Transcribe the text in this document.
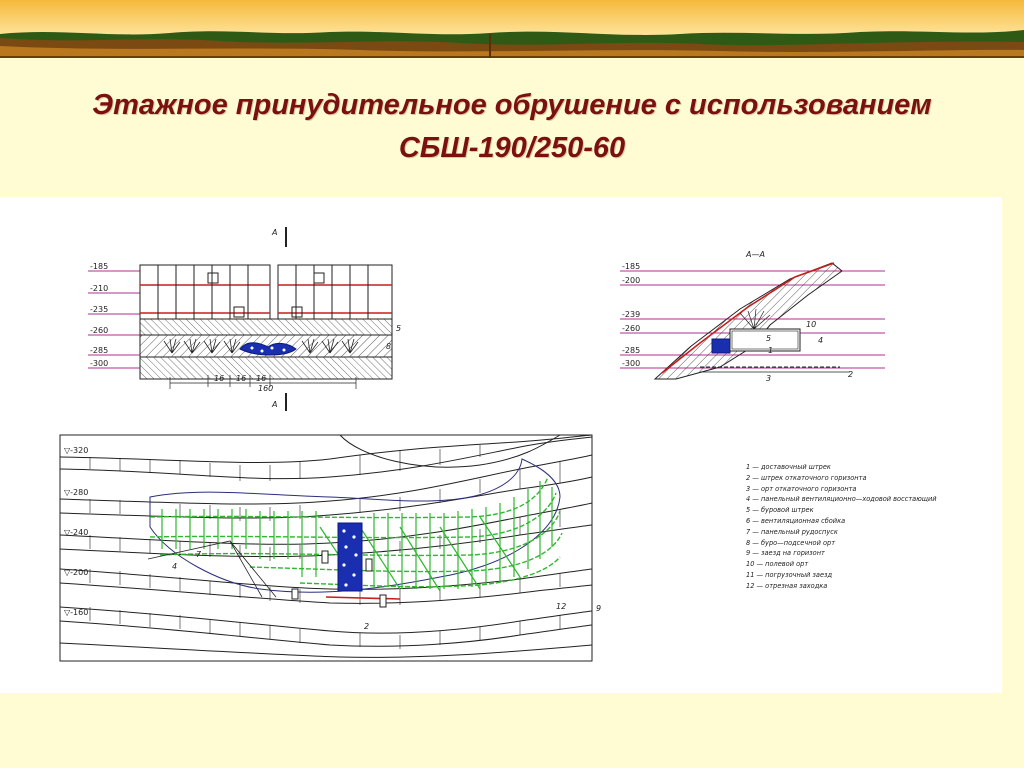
Этажное принудительное обрушение с использованием
СБШ-190/250-60
А
А
-185
-210
-235
-260
-285
-300
5
8
16 16 16
160
А—А
-185
-200
-239
-260
-285
-300
10
4
5
1
3	2
▽-320
▽-280
▽-240
▽-200
▽-160
7
4
2
9
12
1 — доставочный штрек
2 — штрек откаточного горизонта
3 — орт откаточного горизонта
4 — панельный вентиляционно—ходовой восстающий
5 — буровой штрек
6 — вентиляционная сбойка
7 — панельный рудоспуск
8 — буро—подсечной орт
9 — заезд на горизонт
10 — полевой орт
11 — погрузочный заезд
12 — отрезная заходка
